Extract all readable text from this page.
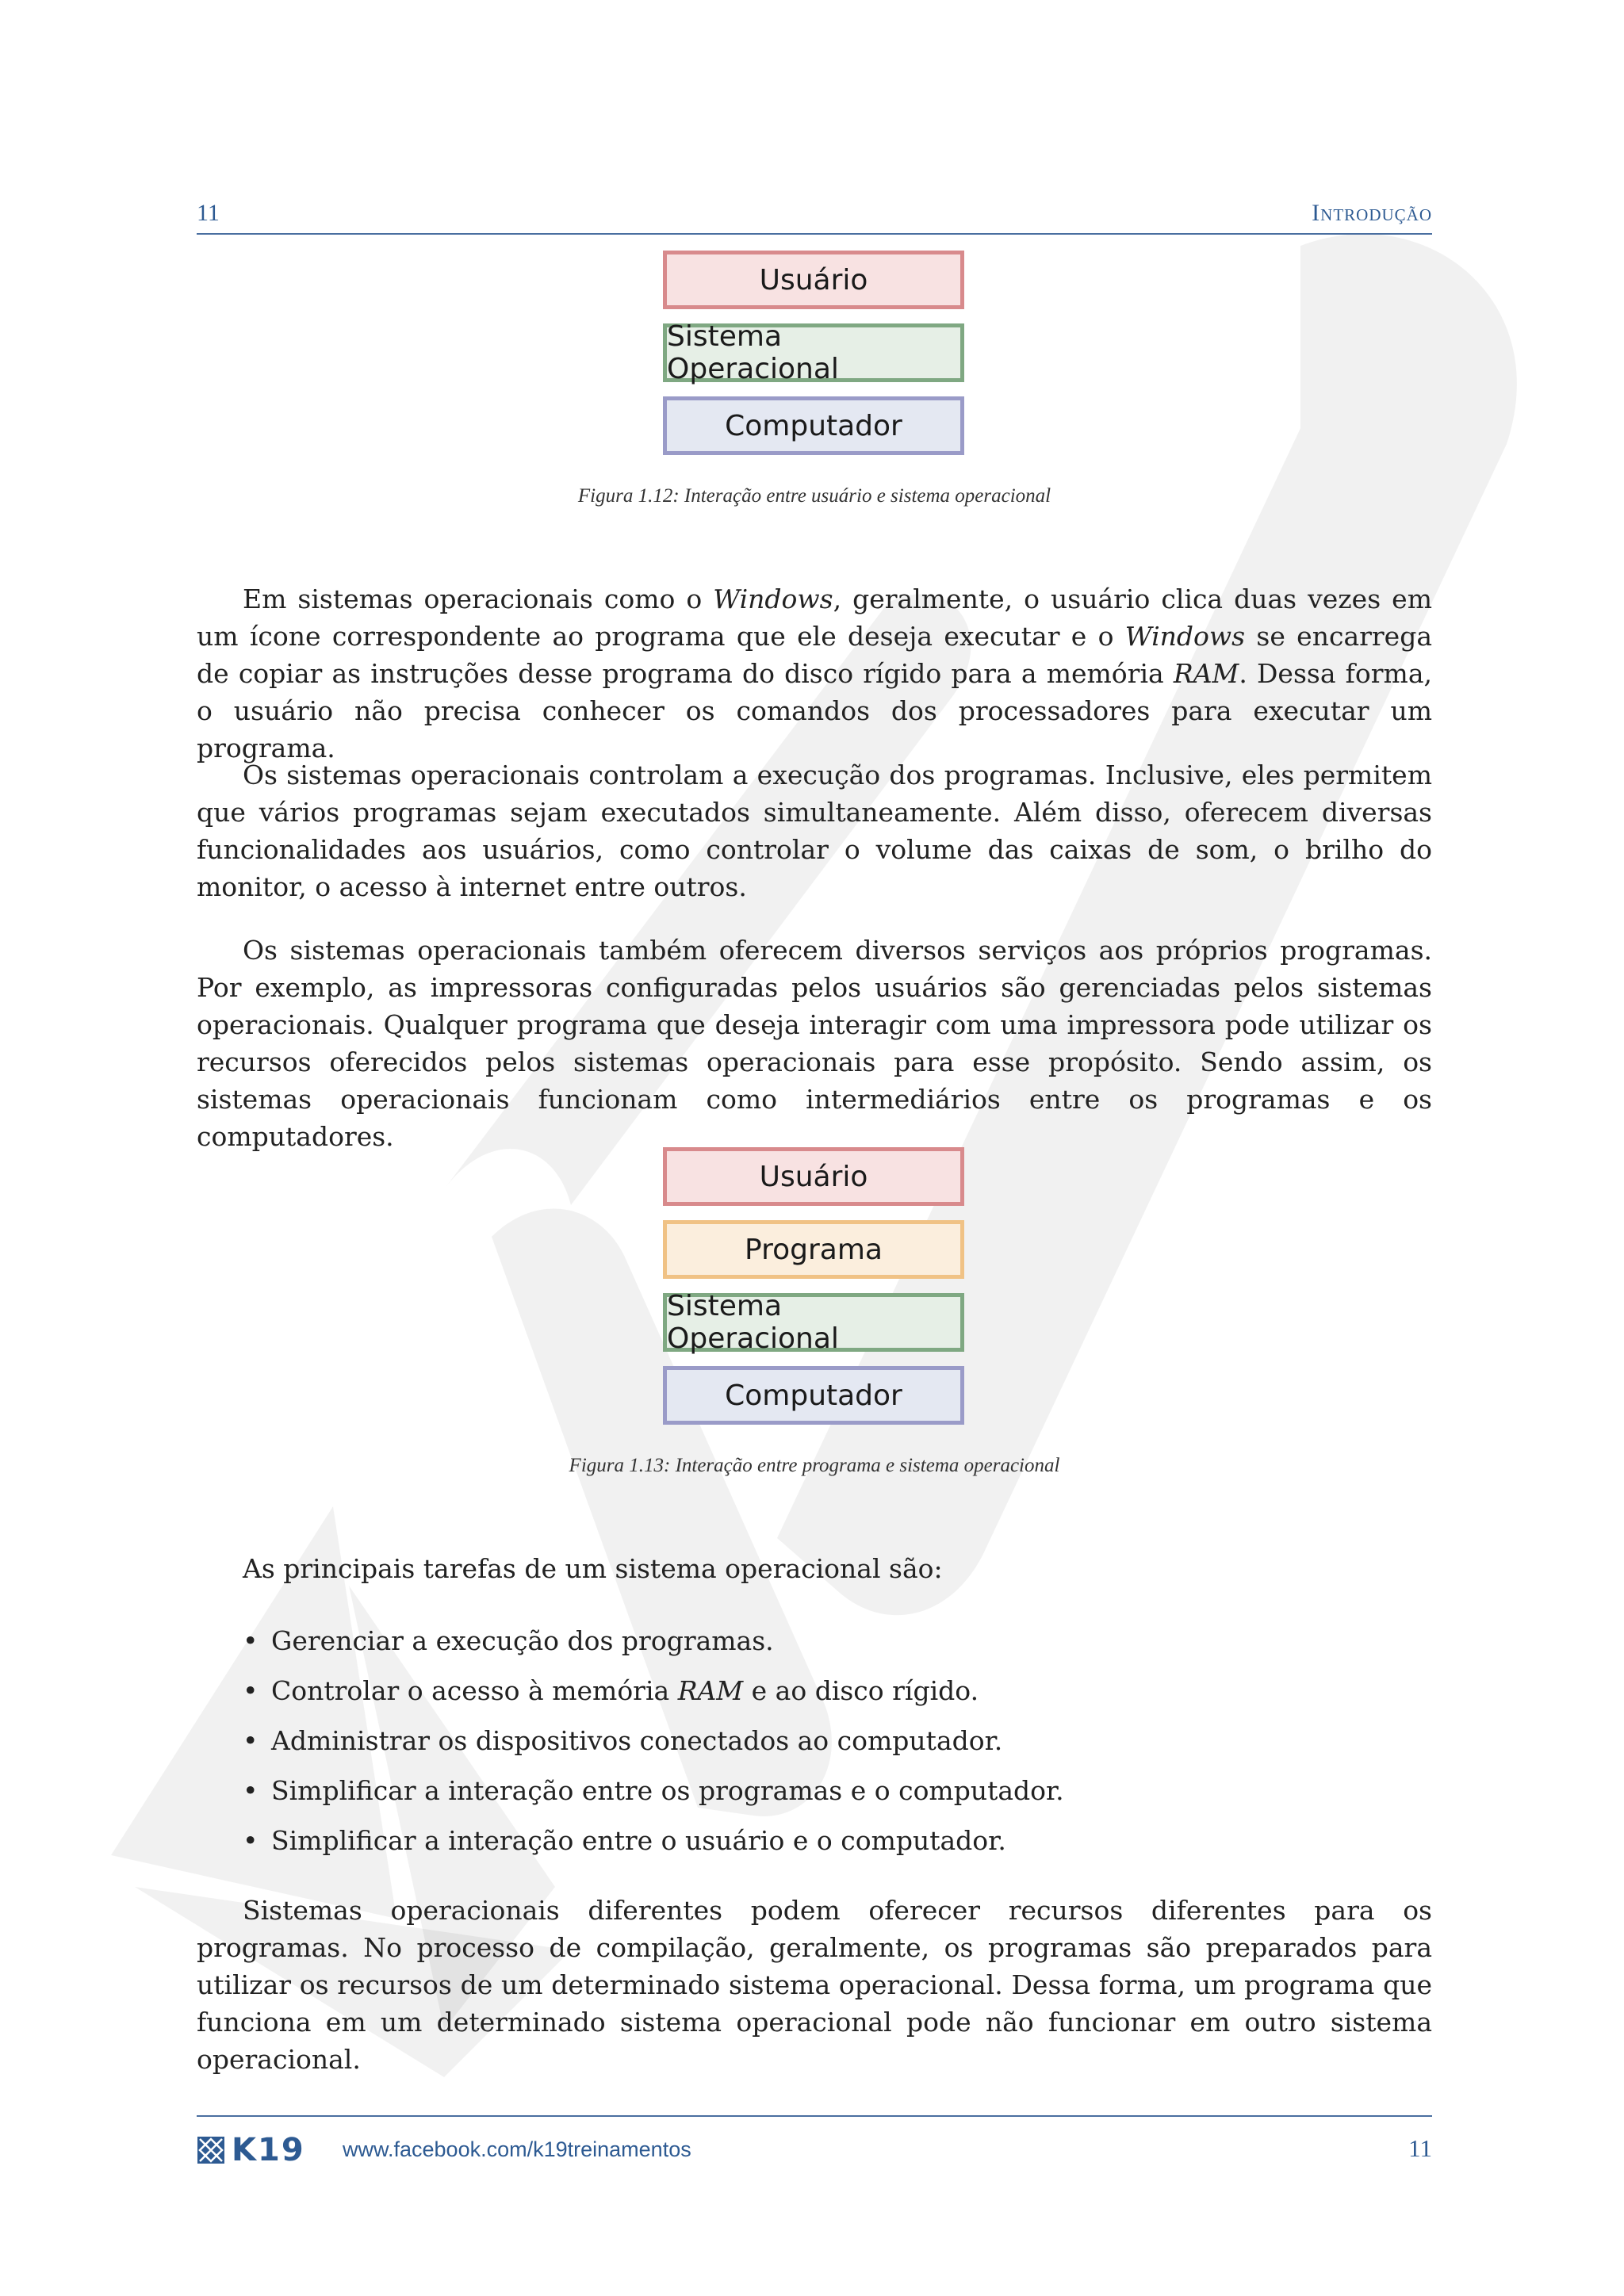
11	Introdução
Usuário
Sistema Operacional
Computador
Figura 1.12: Interação entre usuário e sistema operacional

Em sistemas operacionais como o Windows, geralmente, o usuário clica duas vezes em um ícone correspondente ao programa que ele deseja executar e o Windows se encarrega de copiar as instruções desse programa do disco rígido para a memória RAM. Dessa forma, o usuário não precisa conhecer os comandos dos processadores para executar um programa.

Os sistemas operacionais controlam a execução dos programas. Inclusive, eles permitem que vários programas sejam executados simultaneamente. Além disso, oferecem diversas funcionalidades aos usuários, como controlar o volume das caixas de som, o brilho do monitor, o acesso à internet entre outros.

Os sistemas operacionais também oferecem diversos serviços aos próprios programas. Por exemplo, as impressoras configuradas pelos usuários são gerenciadas pelos sistemas operacionais. Qualquer programa que deseja interagir com uma impressora pode utilizar os recursos oferecidos pelos sistemas operacionais para esse propósito. Sendo assim, os sistemas operacionais funcionam como intermediários entre os programas e os computadores.

Usuário
Programa
Sistema Operacional
Computador
Figura 1.13: Interação entre programa e sistema operacional

As principais tarefas de um sistema operacional são:

• Gerenciar a execução dos programas.
• Controlar o acesso à memória RAM e ao disco rígido.
• Administrar os dispositivos conectados ao computador.
• Simplificar a interação entre os programas e o computador.
• Simplificar a interação entre o usuário e o computador.

Sistemas operacionais diferentes podem oferecer recursos diferentes para os programas. No processo de compilação, geralmente, os programas são preparados para utilizar os recursos de um determinado sistema operacional. Dessa forma, um programa que funciona em um determinado sistema operacional pode não funcionar em outro sistema operacional.

K19 www.facebook.com/k19treinamentos	11
